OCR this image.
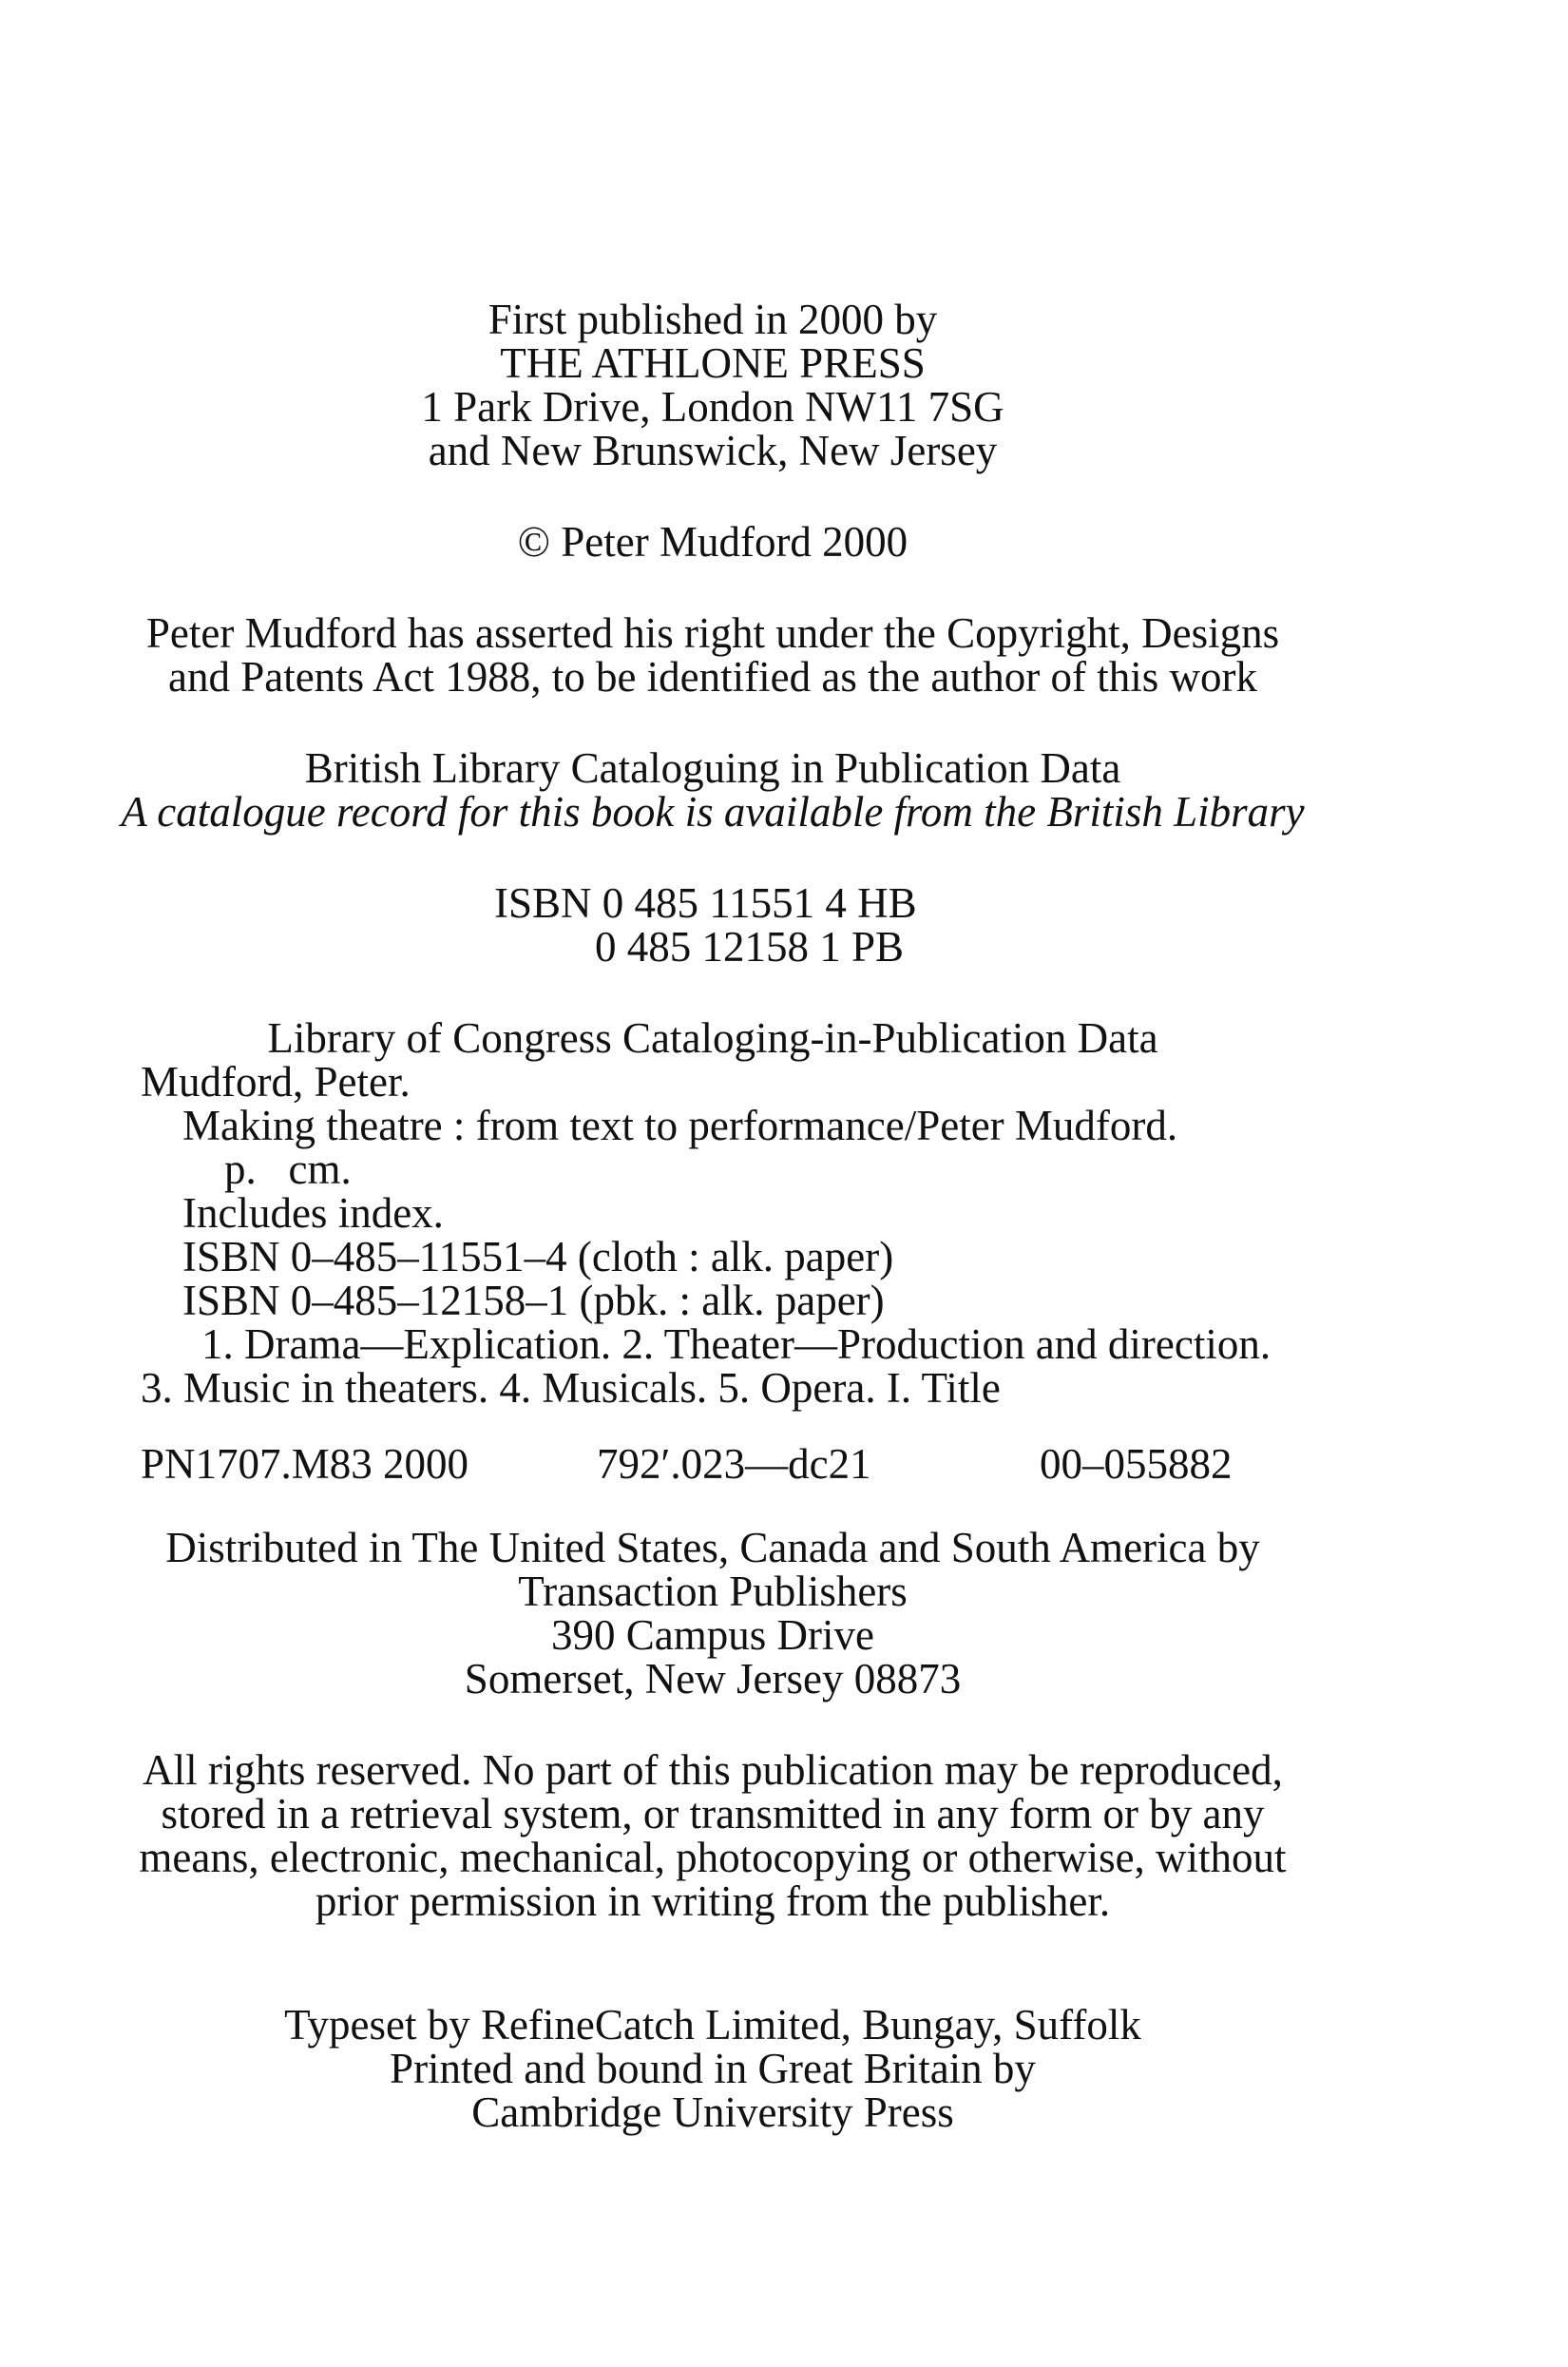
First published in 2000 by
THE ATHLONE PRESS
1 Park Drive, London NW11 7SG
and New Brunswick, New Jersey
© Peter Mudford 2000
Peter Mudford has asserted his right under the Copyright, Designs
and Patents Act 1988, to be identified as the author of this work
British Library Cataloguing in Publication Data
A catalogue record for this book is available from the British Library
ISBN 0 485 11551 4 HB
0 485 12158 1 PB
Library of Congress Cataloging-in-Publication Data
Mudford, Peter.
Making theatre : from text to performance/Peter Mudford.
p.   cm.
Includes index.
ISBN 0–485–11551–4 (cloth : alk. paper)
ISBN 0–485–12158–1 (pbk. : alk. paper)
1. Drama—Explication. 2. Theater—Production and direction.
3. Music in theaters. 4. Musicals. 5. Opera. I. Title
PN1707.M83 2000	792′.023—dc21	00–055882
Distributed in The United States, Canada and South America by
Transaction Publishers
390 Campus Drive
Somerset, New Jersey 08873
All rights reserved. No part of this publication may be reproduced,
stored in a retrieval system, or transmitted in any form or by any
means, electronic, mechanical, photocopying or otherwise, without
prior permission in writing from the publisher.
Typeset by RefineCatch Limited, Bungay, Suffolk
Printed and bound in Great Britain by
Cambridge University Press
